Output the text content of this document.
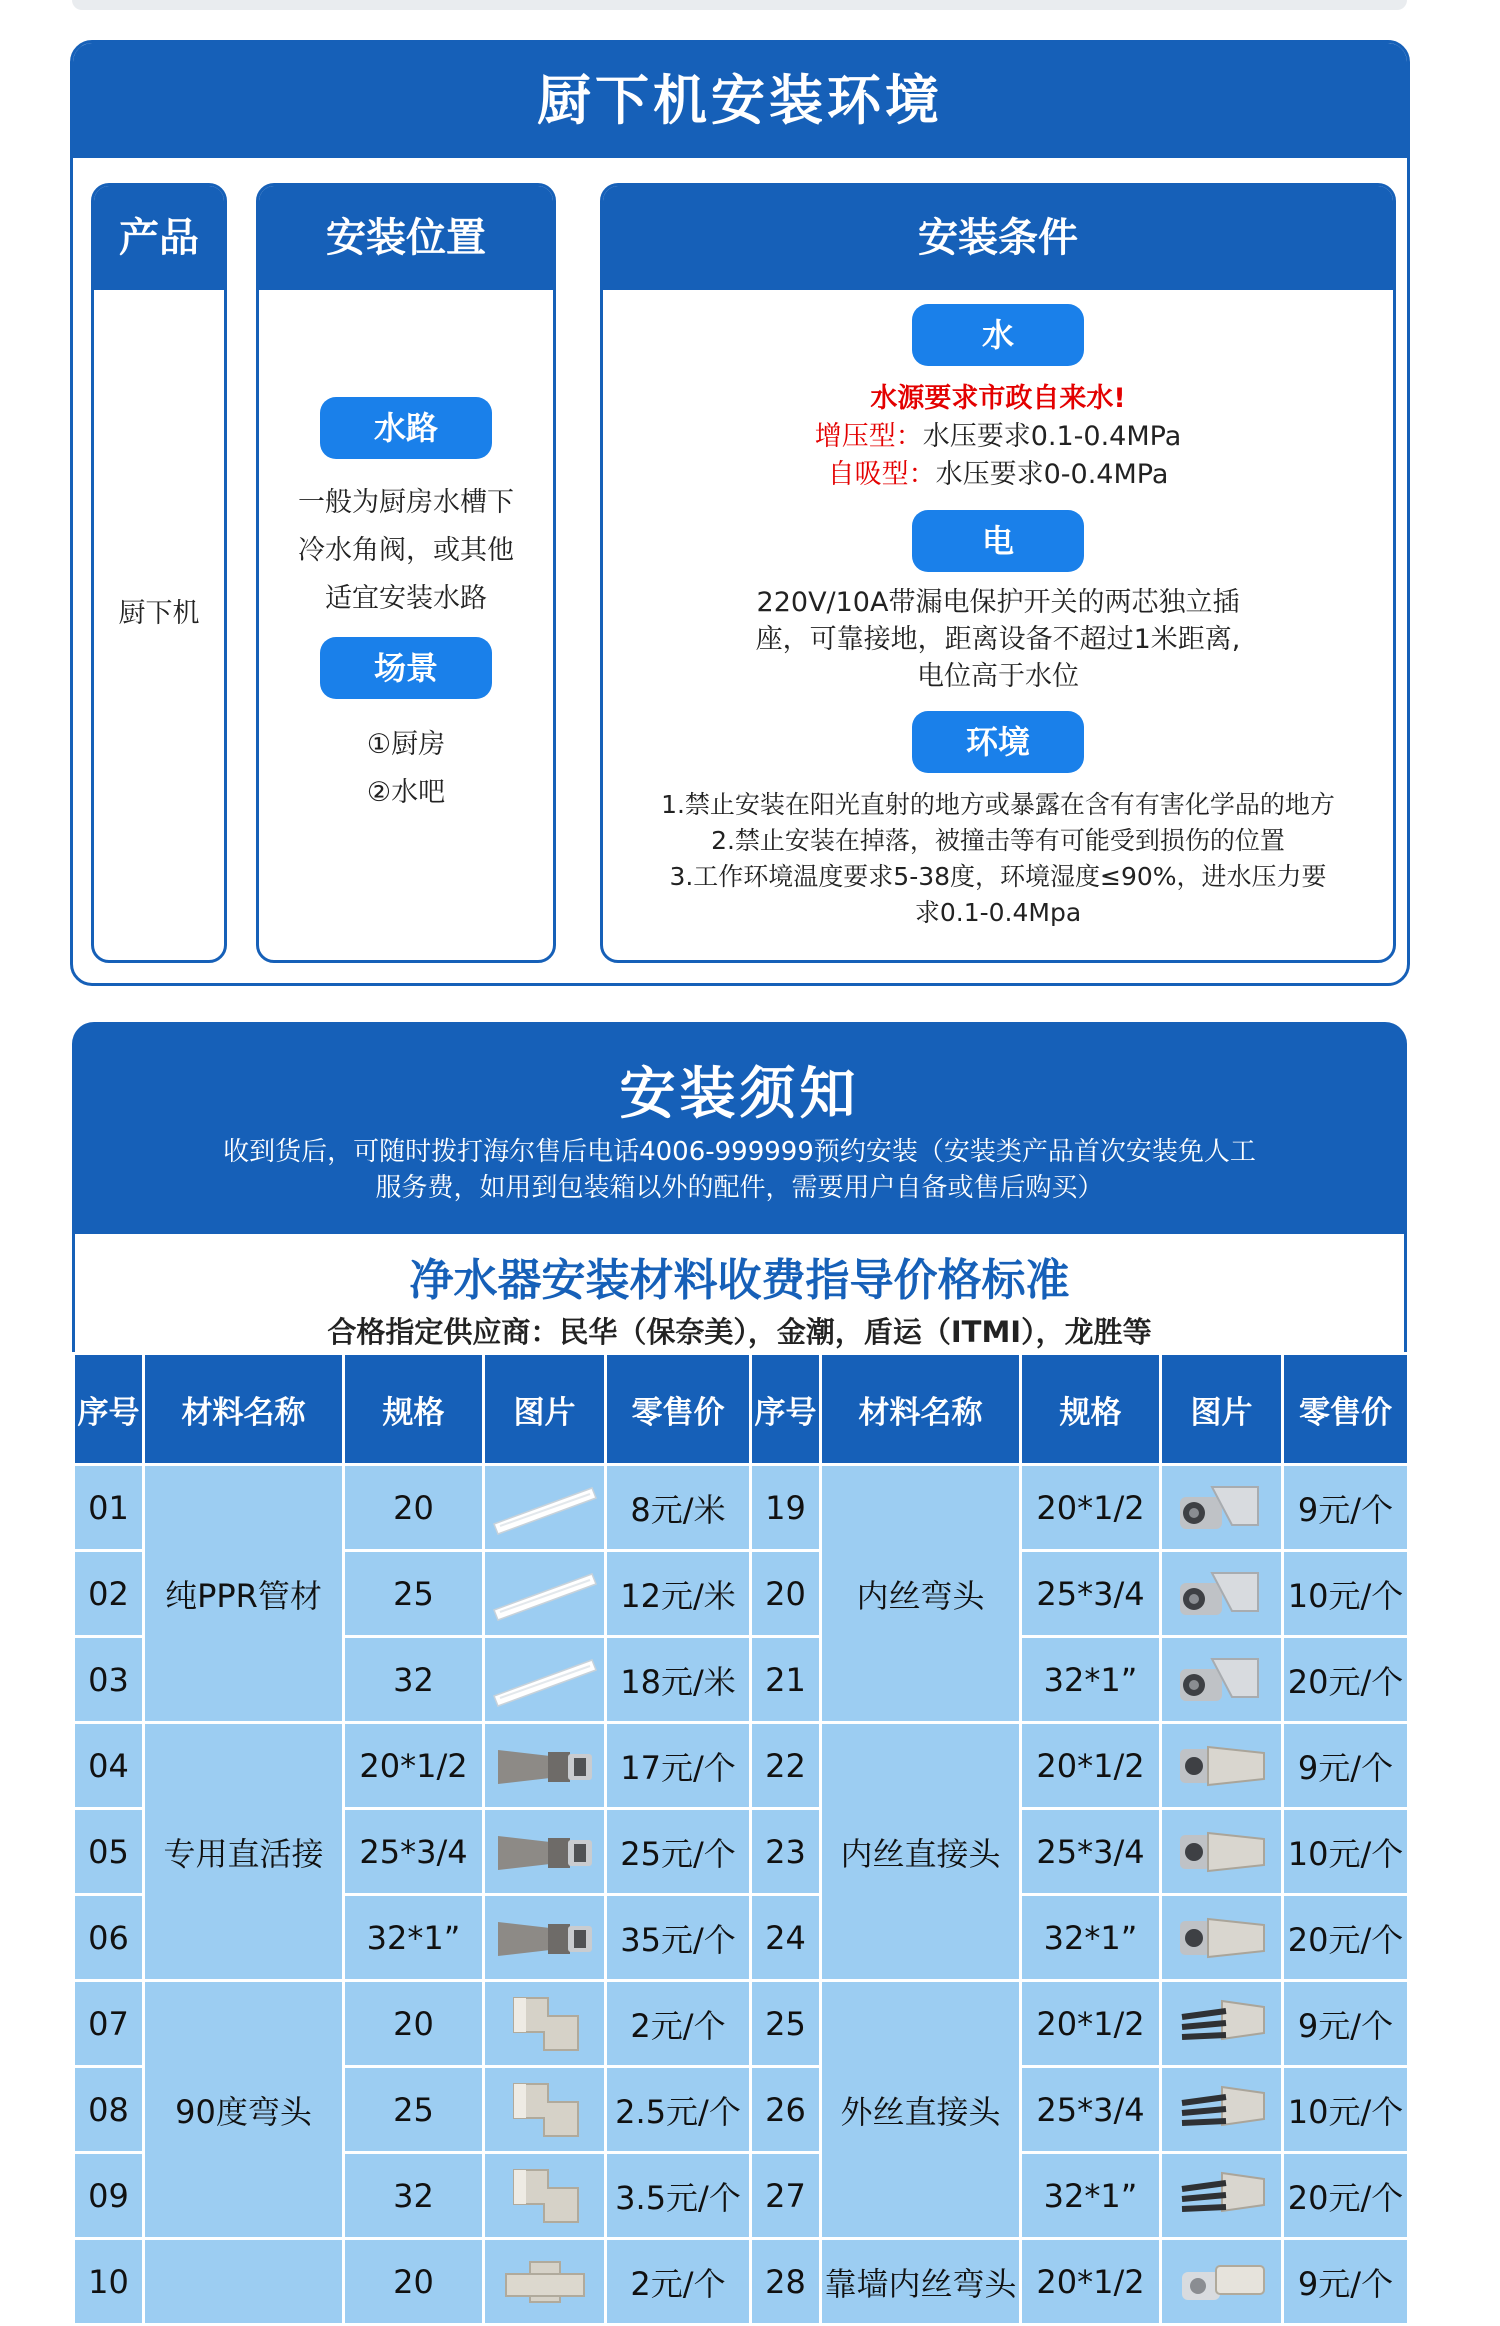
厨下机安装环境
产品
厨下机
安装位置
水路
一般为厨房水槽下
冷水角阀，或其他
适宜安装水路
场景
①厨房
②水吧
安装条件
水
水源要求市政自来水!
增压型：水压要求0.1-0.4MPa
自吸型：水压要求0-0.4MPa
电
220V/10A带漏电保护开关的两芯独立插
座，可靠接地，距离设备不超过1米距离,
电位高于水位
环境
1.禁止安装在阳光直射的地方或暴露在含有有害化学品的地方
2.禁止安装在掉落，被撞击等有可能受到损伤的位置
3.工作环境温度要求5-38度，环境湿度≤90%，进水压力要
求0.1-0.4Mpa
安装须知
收到货后，可随时拨打海尔售后电话4006-999999预约安装（安装类产品首次安装免人工
服务费，如用到包装箱以外的配件，需要用户自备或售后购买）
净水器安装材料收费指导价格标准
合格指定供应商：民华（保奈美），金潮，盾运（ITMI），龙胜等
序号	材料名称	规格	图片	零售价	序号	材料名称	规格	图片	零售价
01	纯PPR管材	20		8元/米	19	内丝弯头	20*1/2		9元/个
02		25		12元/米	20		25*3/4		10元/个
03		32		18元/米	21		32*1”		20元/个
04	专用直活接	20*1/2		17元/个	22	内丝直接头	20*1/2		9元/个
05		25*3/4		25元/个	23		25*3/4		10元/个
06		32*1”		35元/个	24		32*1”		20元/个
07	90度弯头	20		2元/个	25	外丝直接头	20*1/2		9元/个
08		25		2.5元/个	26		25*3/4		10元/个
09		32		3.5元/个	27		32*1”		20元/个
10		20		2元/个	28	靠墙内丝弯头	20*1/2		9元/个
